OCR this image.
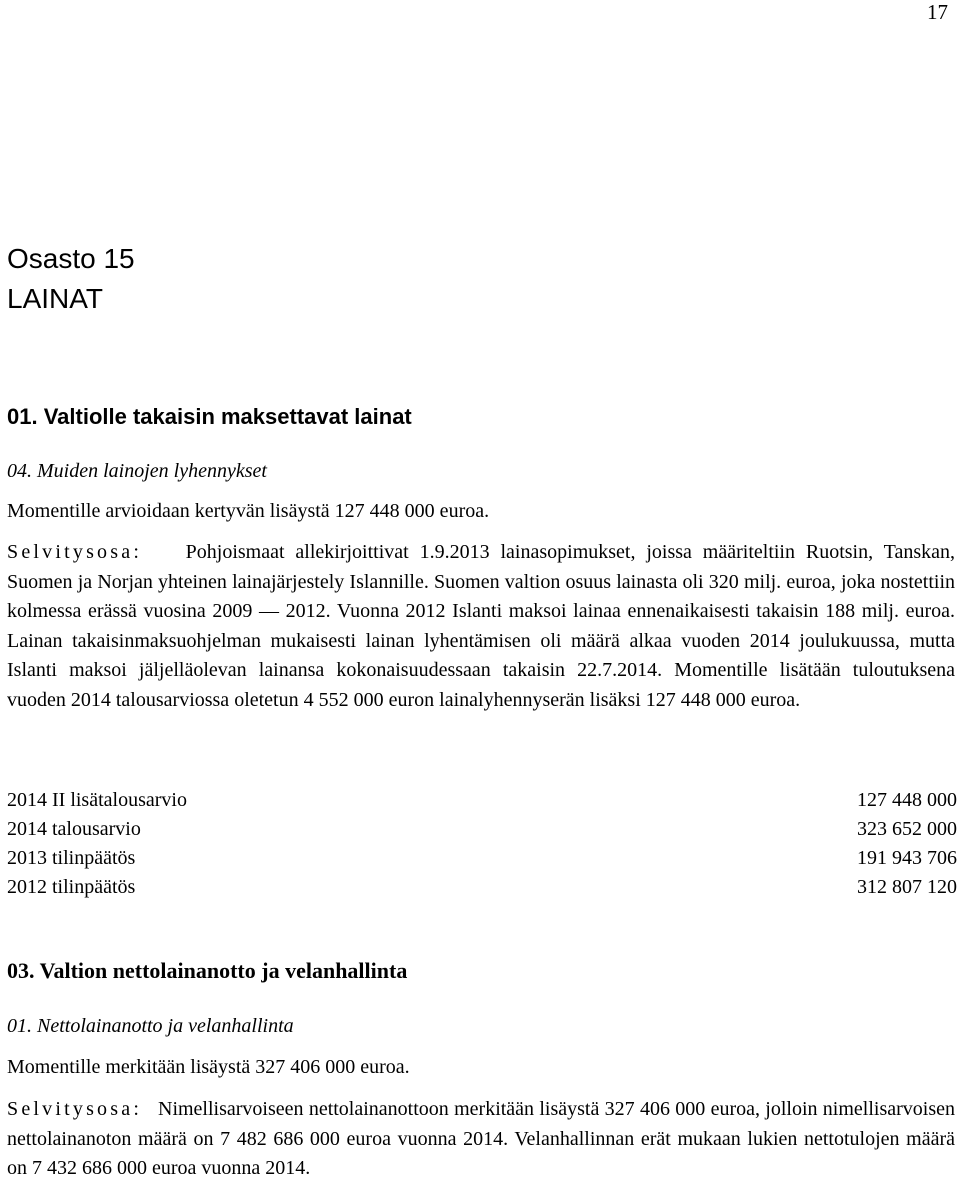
17
Osasto 15
LAINAT
01. Valtiolle takaisin maksettavat lainat
04. Muiden lainojen lyhennykset
Momentille arvioidaan kertyvän lisäystä 127 448 000 euroa.
Selvitysosa: Pohjoismaat allekirjoittivat 1.9.2013 lainasopimukset, joissa määriteltiin Ruotsin, Tanskan, Suomen ja Norjan yhteinen lainajärjestely Islannille. Suomen valtion osuus lainasta oli 320 milj. euroa, joka nostettiin kolmessa erässä vuosina 2009 — 2012. Vuonna 2012 Islanti maksoi lainaa ennenaikaisesti takaisin 188 milj. euroa. Lainan takaisinmaksuohjelman mukaisesti lainan lyhentämisen oli määrä alkaa vuoden 2014 joulukuussa, mutta Islanti maksoi jäljelläolevan lainansa kokonaisuudessaan takaisin 22.7.2014. Momentille lisätään tuloutuksena vuoden 2014 talousarviossa oletetun 4 552 000 euron lainalyhennyserän lisäksi 127 448 000 euroa.
2014 II lisätalousarvio	127 448 000
2014 talousarvio	323 652 000
2013 tilinpäätös	191 943 706
2012 tilinpäätös	312 807 120
03. Valtion nettolainanotto ja velanhallinta
01. Nettolainanotto ja velanhallinta
Momentille merkitään lisäystä 327 406 000 euroa.
Selvitysosa: Nimellisarvoiseen nettolainanottoon merkitään lisäystä 327 406 000 euroa, jolloin nimellisarvoisen nettolainanoton määrä on 7 482 686 000 euroa vuonna 2014. Velanhallinnan erät mukaan lukien nettotulojen määrä on 7 432 686 000 euroa vuonna 2014.
